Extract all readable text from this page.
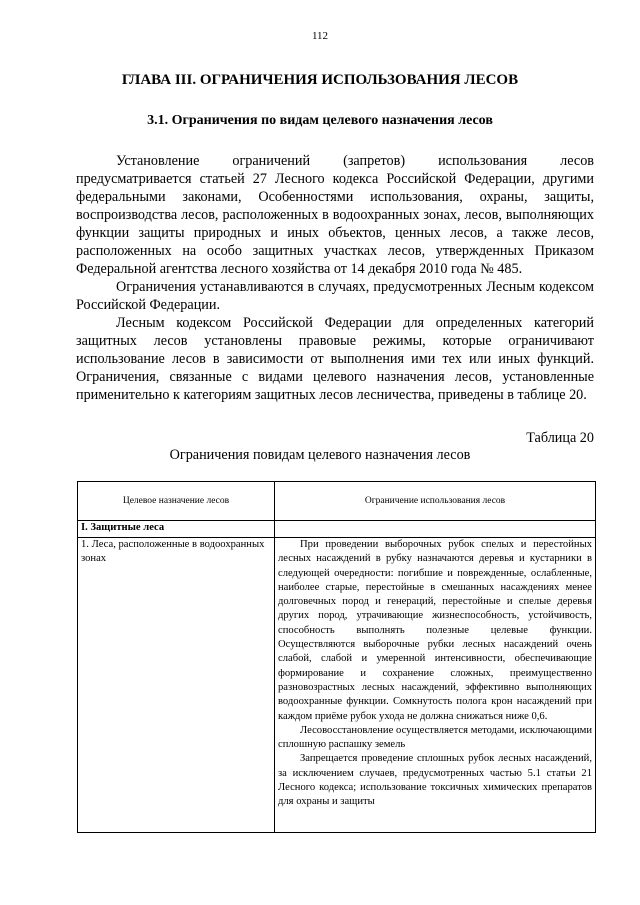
112
ГЛАВА III. ОГРАНИЧЕНИЯ ИСПОЛЬЗОВАНИЯ ЛЕСОВ
3.1. Ограничения по видам целевого назначения лесов

Установление ограничений (запретов) использования лесов предусматривается статьей 27 Лесного кодекса Российской Федерации, другими федеральными законами, Особенностями использования, охраны, защиты, воспроизводства лесов, расположенных в водоохранных зонах, лесов, выполняющих функции защиты природных и иных объектов, ценных лесов, а также лесов, расположенных на особо защитных участках лесов, утвержденных Приказом Федеральной агентства лесного хозяйства от 14 декабря 2010 года № 485.

Ограничения устанавливаются в случаях, предусмотренных Лесным кодексом Российской Федерации.

Лесным кодексом Российской Федерации для определенных категорий защитных лесов установлены правовые режимы, которые ограничивают использование лесов в зависимости от выполнения ими тех или иных функций. Ограничения, связанные с видами целевого назначения лесов, установленные применительно к категориям защитных лесов лесничества, приведены в таблице 20.

Таблица 20
Ограничения повидам целевого назначения лесов
Целевое назначение лесов	Ограничение использования лесов
I. Защитные леса	
1. Леса, расположенные в водоохранных зонах	При проведении выборочных рубок спелых и перестойных лесных насаждений в рубку назначаются деревья и кустарники в следующей очередности: погибшие и поврежденные, ослабленные, наиболее старые, перестойные в смешанных насаждениях менее долговечных пород и генераций, перестойные и спелые деревья других пород, утрачивающие жизнеспособность, устойчивость, способность выполнять полезные целевые функции. Осуществляются выборочные рубки лесных насаждений очень слабой, слабой и умеренной интенсивности, обеспечивающие формирование и сохранение сложных, преимущественно разновозрастных лесных насаждений, эффективно выполняющих водоохранные функции. Сомкнутость полога крон насаждений при каждом приёме рубок ухода не должна снижаться ниже 0,6.

Лесовосстановление осуществляется методами, исключающими сплошную распашку земель

Запрещается проведение сплошных рубок лесных насаждений, за исключением случаев, предусмотренных частью 5.1 статьи 21 Лесного кодекса; использование токсичных химических препаратов для охраны и защиты
